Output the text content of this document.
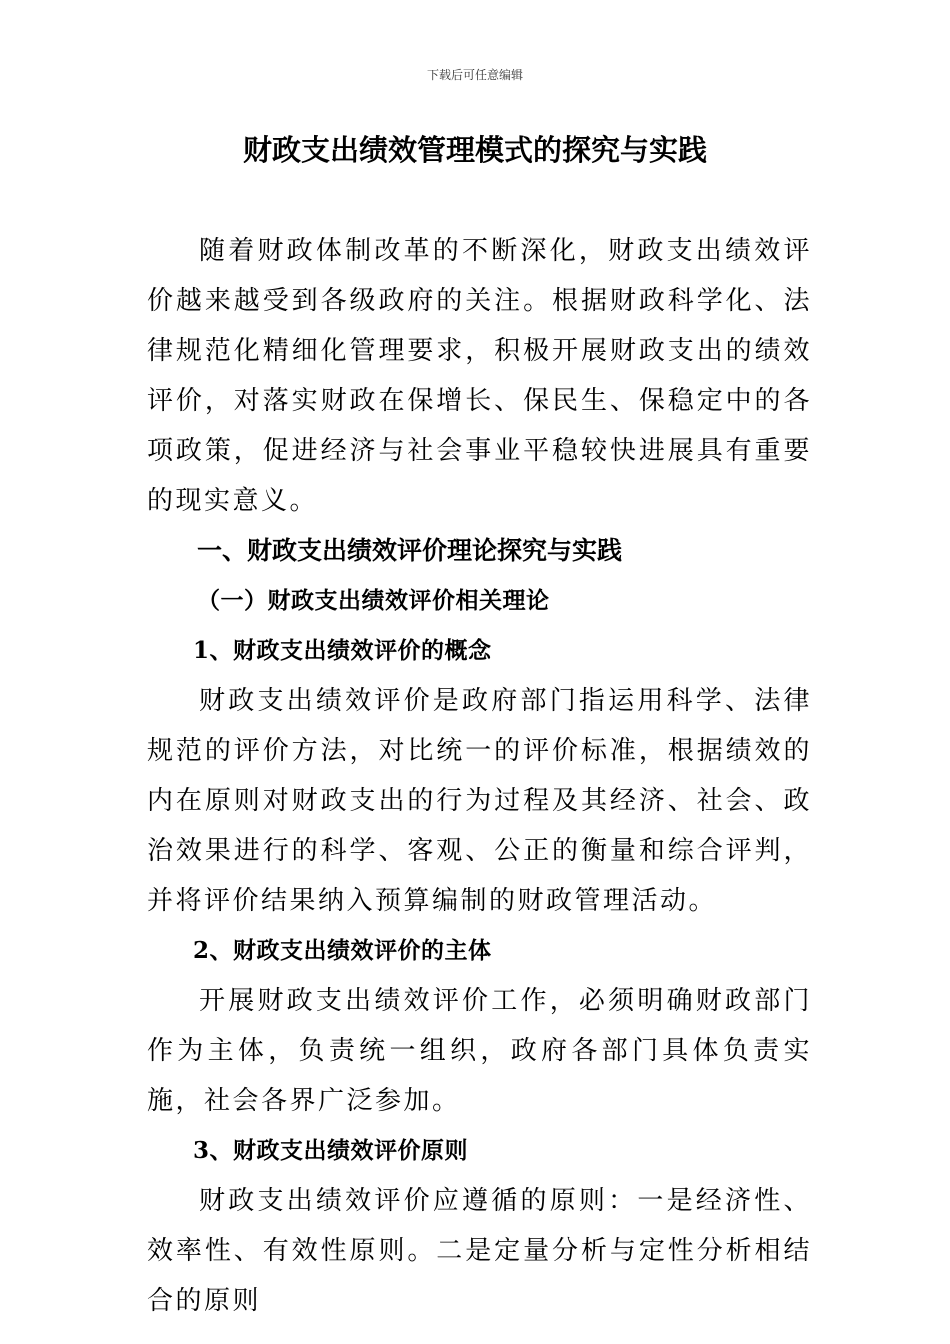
下载后可任意编辑
财政支出绩效管理模式的探究与实践

随着财政体制改革的不断深化，财政支出绩效评价越来越受到各级政府的关注。根据财政科学化、法律规范化精细化管理要求，积极开展财政支出的绩效评价，对落实财政在保增长、保民生、保稳定中的各项政策，促进经济与社会事业平稳较快进展具有重要的现实意义。

一、财政支出绩效评价理论探究与实践

（一）财政支出绩效评价相关理论

1、财政支出绩效评价的概念

财政支出绩效评价是政府部门指运用科学、法律规范的评价方法，对比统一的评价标准，根据绩效的内在原则对财政支出的行为过程及其经济、社会、政治效果进行的科学、客观、公正的衡量和综合评判，并将评价结果纳入预算编制的财政管理活动。

2、财政支出绩效评价的主体

开展财政支出绩效评价工作，必须明确财政部门作为主体，负责统一组织，政府各部门具体负责实施，社会各界广泛参加。

3、财政支出绩效评价原则

财政支出绩效评价应遵循的原则：一是经济性、效率性、有效性原则。二是定量分析与定性分析相结合的原则
